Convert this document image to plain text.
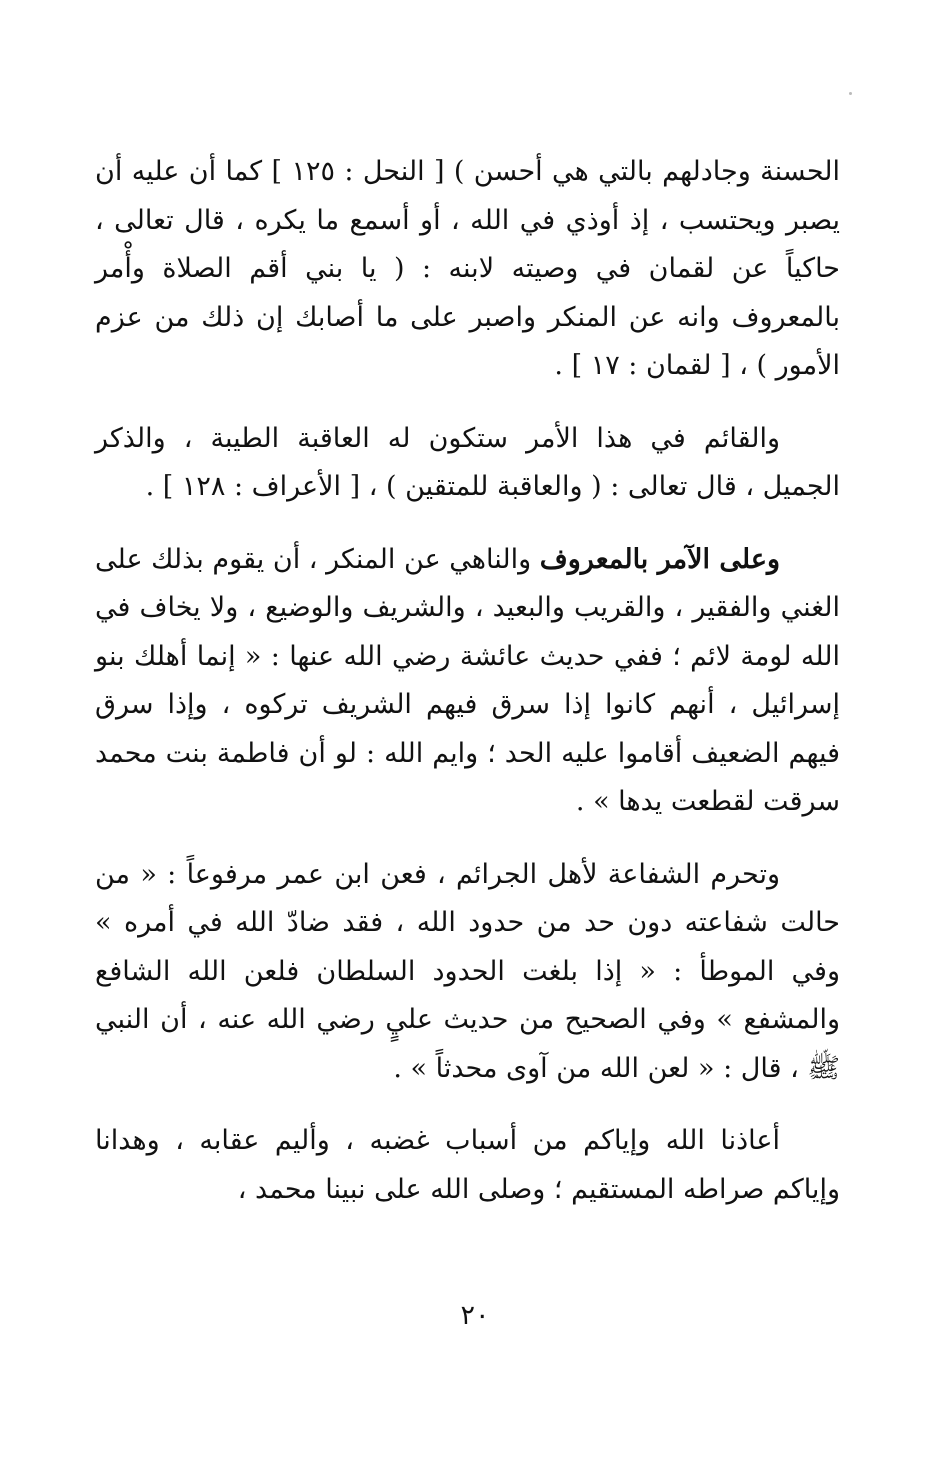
الحسنة وجادلهم بالتي هي أحسن ) [ النحل : ١٢٥ ] كما أن عليه أن يصبر ويحتسب ، إذ أوذي في الله ، أو أسمع ما يكره ، قال تعالى ، حاكياً عن لقمان في وصيته لابنه : ( يا بني أقم الصلاة وأْمر بالمعروف وانه عن المنكر واصبر على ما أصابك إن ذلك من عزم الأمور ) ، [ لقمان : ١٧ ] .

والقائم في هذا الأمر ستكون له العاقبة الطيبة ، والذكر الجميل ، قال تعالى : ( والعاقبة للمتقين ) ، [ الأعراف : ١٢٨ ] .

وعلى الآمر بالمعروف والناهي عن المنكر ، أن يقوم بذلك على الغني والفقير ، والقريب والبعيد ، والشريف والوضيع ، ولا يخاف في الله لومة لائم ؛ ففي حديث عائشة رضي الله عنها : « إنما أهلك بنو إسرائيل ، أنهم كانوا إذا سرق فيهم الشريف تركوه ، وإذا سرق فيهم الضعيف أقاموا عليه الحد ؛ وايم الله : لو أن فاطمة بنت محمد سرقت لقطعت يدها » .

وتحرم الشفاعة لأهل الجرائم ، فعن ابن عمر مرفوعاً : « من حالت شفاعته دون حد من حدود الله ، فقد ضادّ الله في أمره » وفي الموطأ : « إذا بلغت الحدود السلطان فلعن الله الشافع والمشفع » وفي الصحيح من حديث عليٍ رضي الله عنه ، أن النبي ﷺ ، قال : « لعن الله من آوى محدثاً » .

أعاذنا الله وإياكم من أسباب غضبه ، وأليم عقابه ، وهدانا وإياكم صراطه المستقيم ؛ وصلى الله على نبينا محمد ،

٢٠
